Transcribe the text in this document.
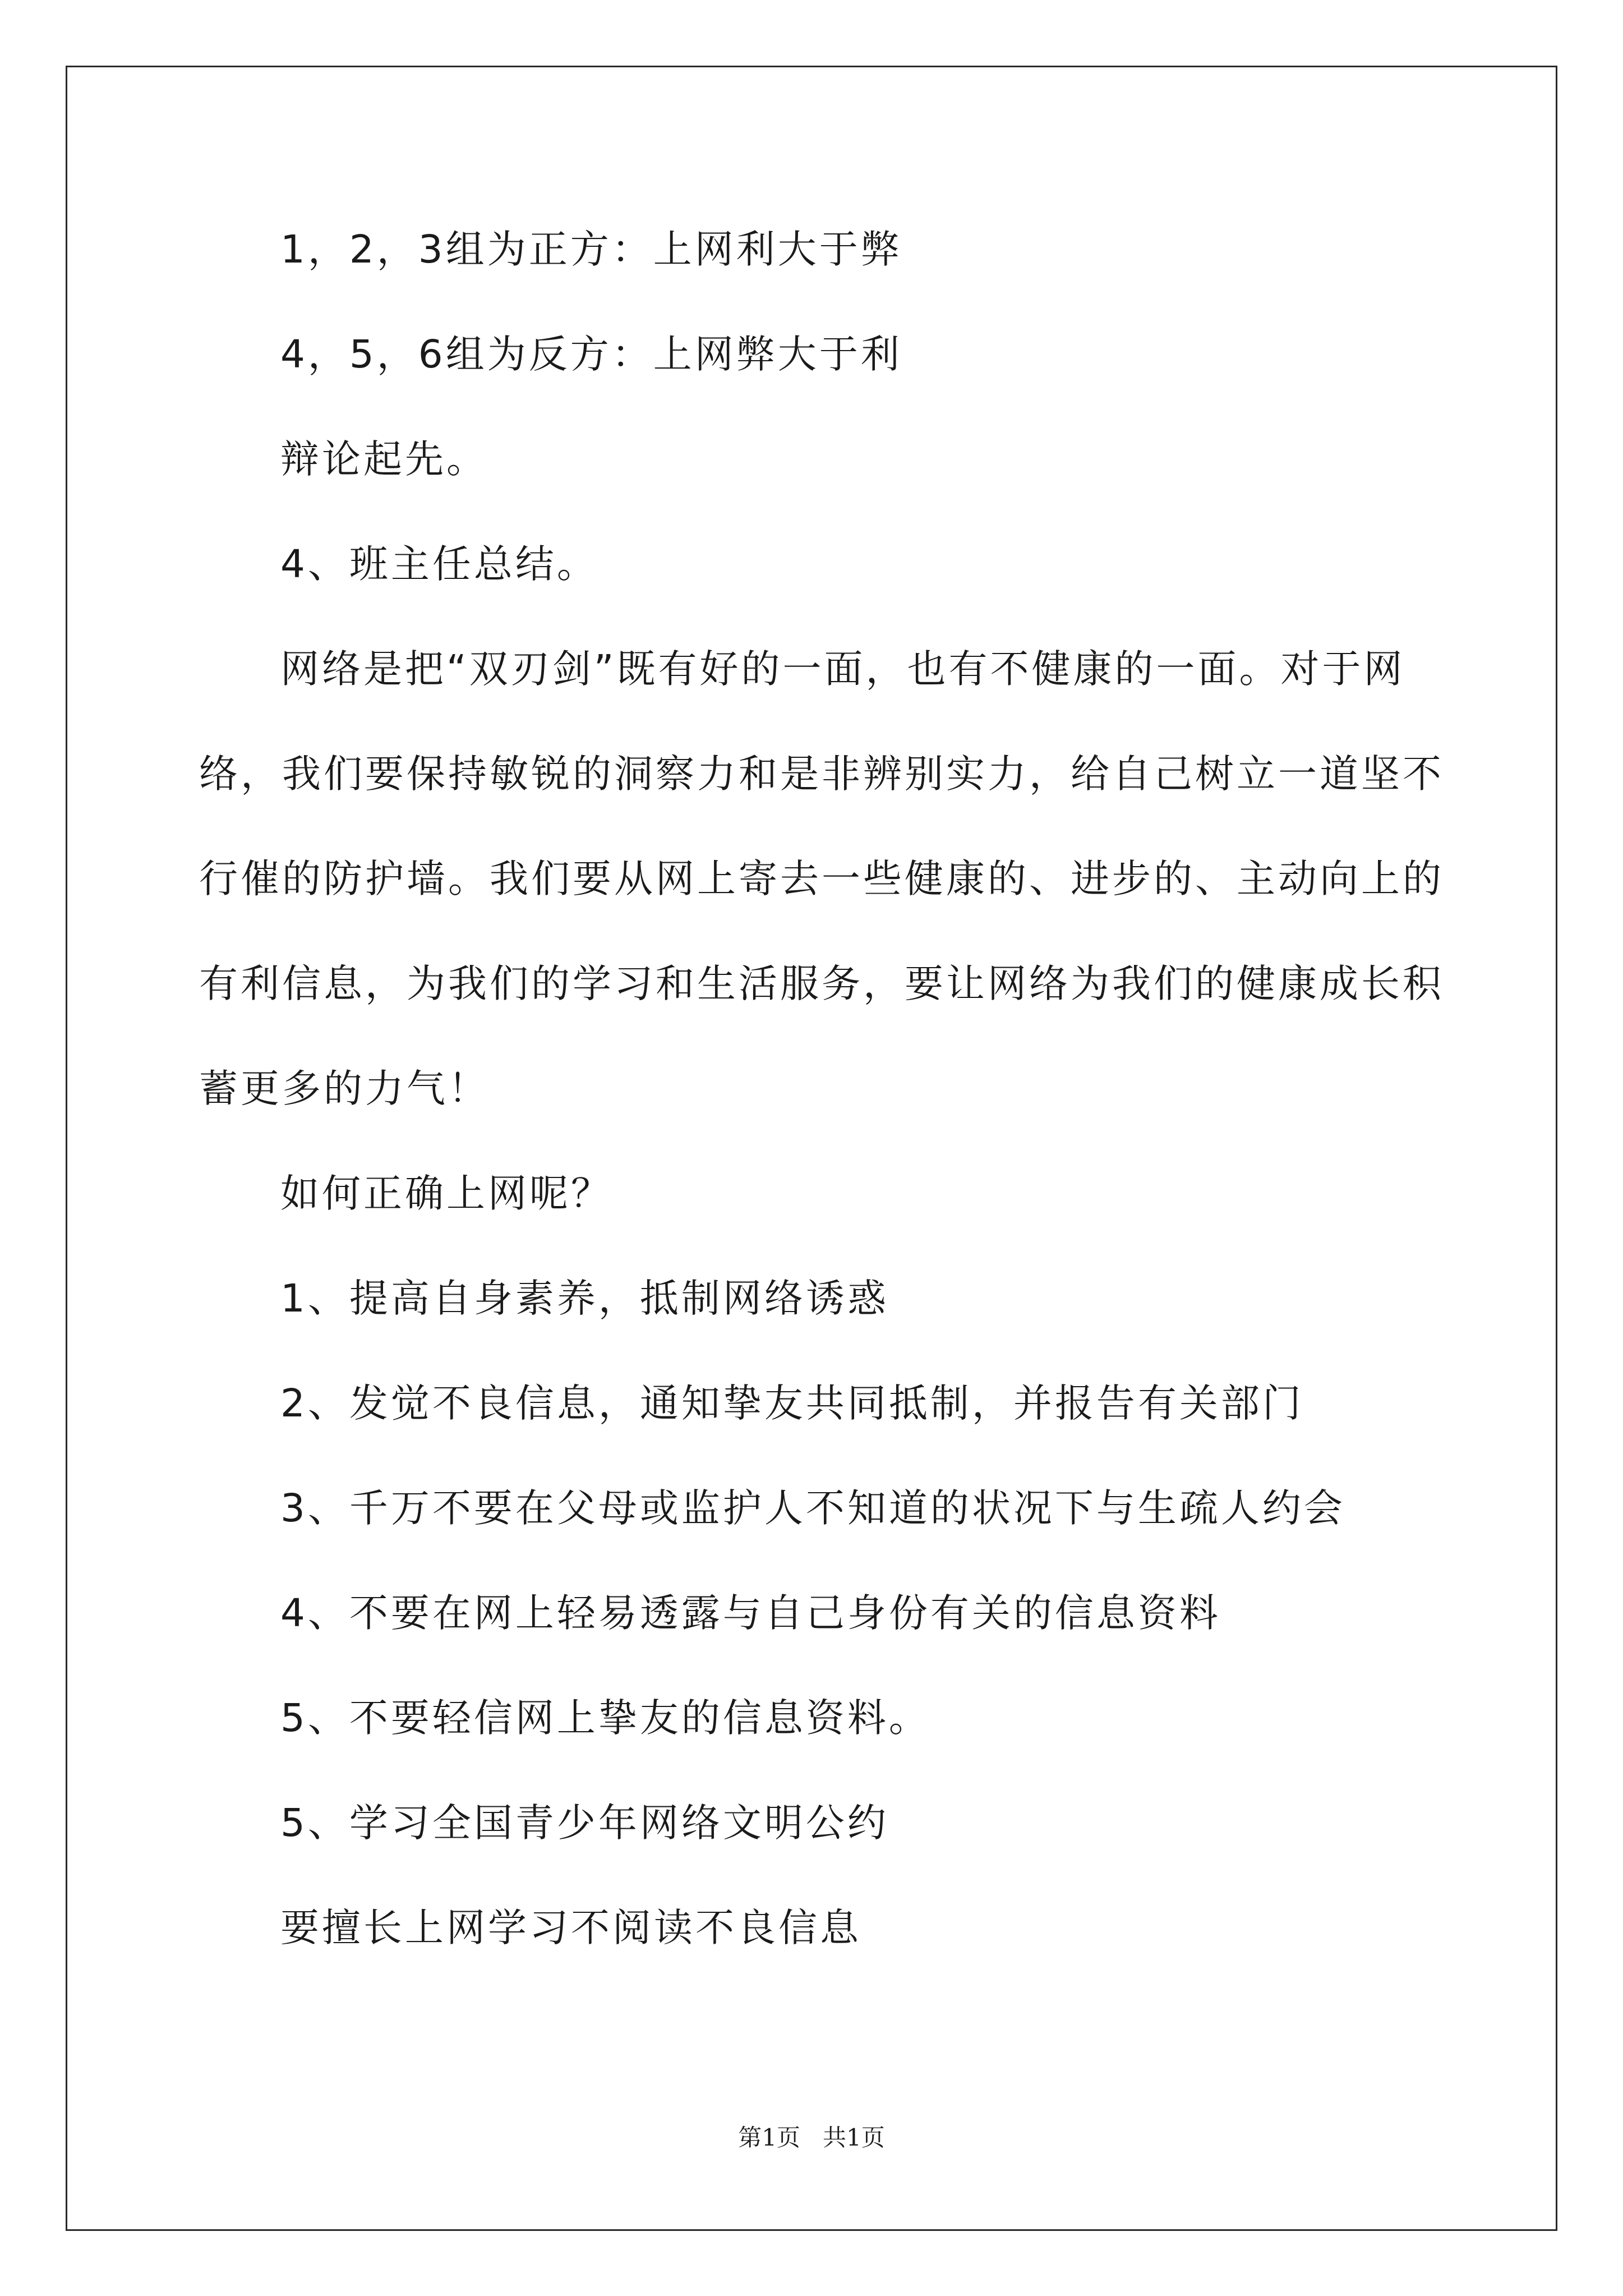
1，2，3组为正方：上网利大于弊
4，5，6组为反方：上网弊大于利
辩论起先。
4、班主任总结。
网络是把“双刃剑”既有好的一面，也有不健康的一面。对于网
络，我们要保持敏锐的洞察力和是非辨别实力，给自己树立一道坚不
行催的防护墙。我们要从网上寄去一些健康的、进步的、主动向上的
有利信息，为我们的学习和生活服务，要让网络为我们的健康成长积
蓄更多的力气！
如何正确上网呢？
1、提高自身素养，抵制网络诱惑
2、发觉不良信息，通知挚友共同抵制，并报告有关部门
3、千万不要在父母或监护人不知道的状况下与生疏人约会
4、不要在网上轻易透露与自己身份有关的信息资料
5、不要轻信网上挚友的信息资料。
5、学习全国青少年网络文明公约
要擅长上网学习不阅读不良信息
第1页   共1页
